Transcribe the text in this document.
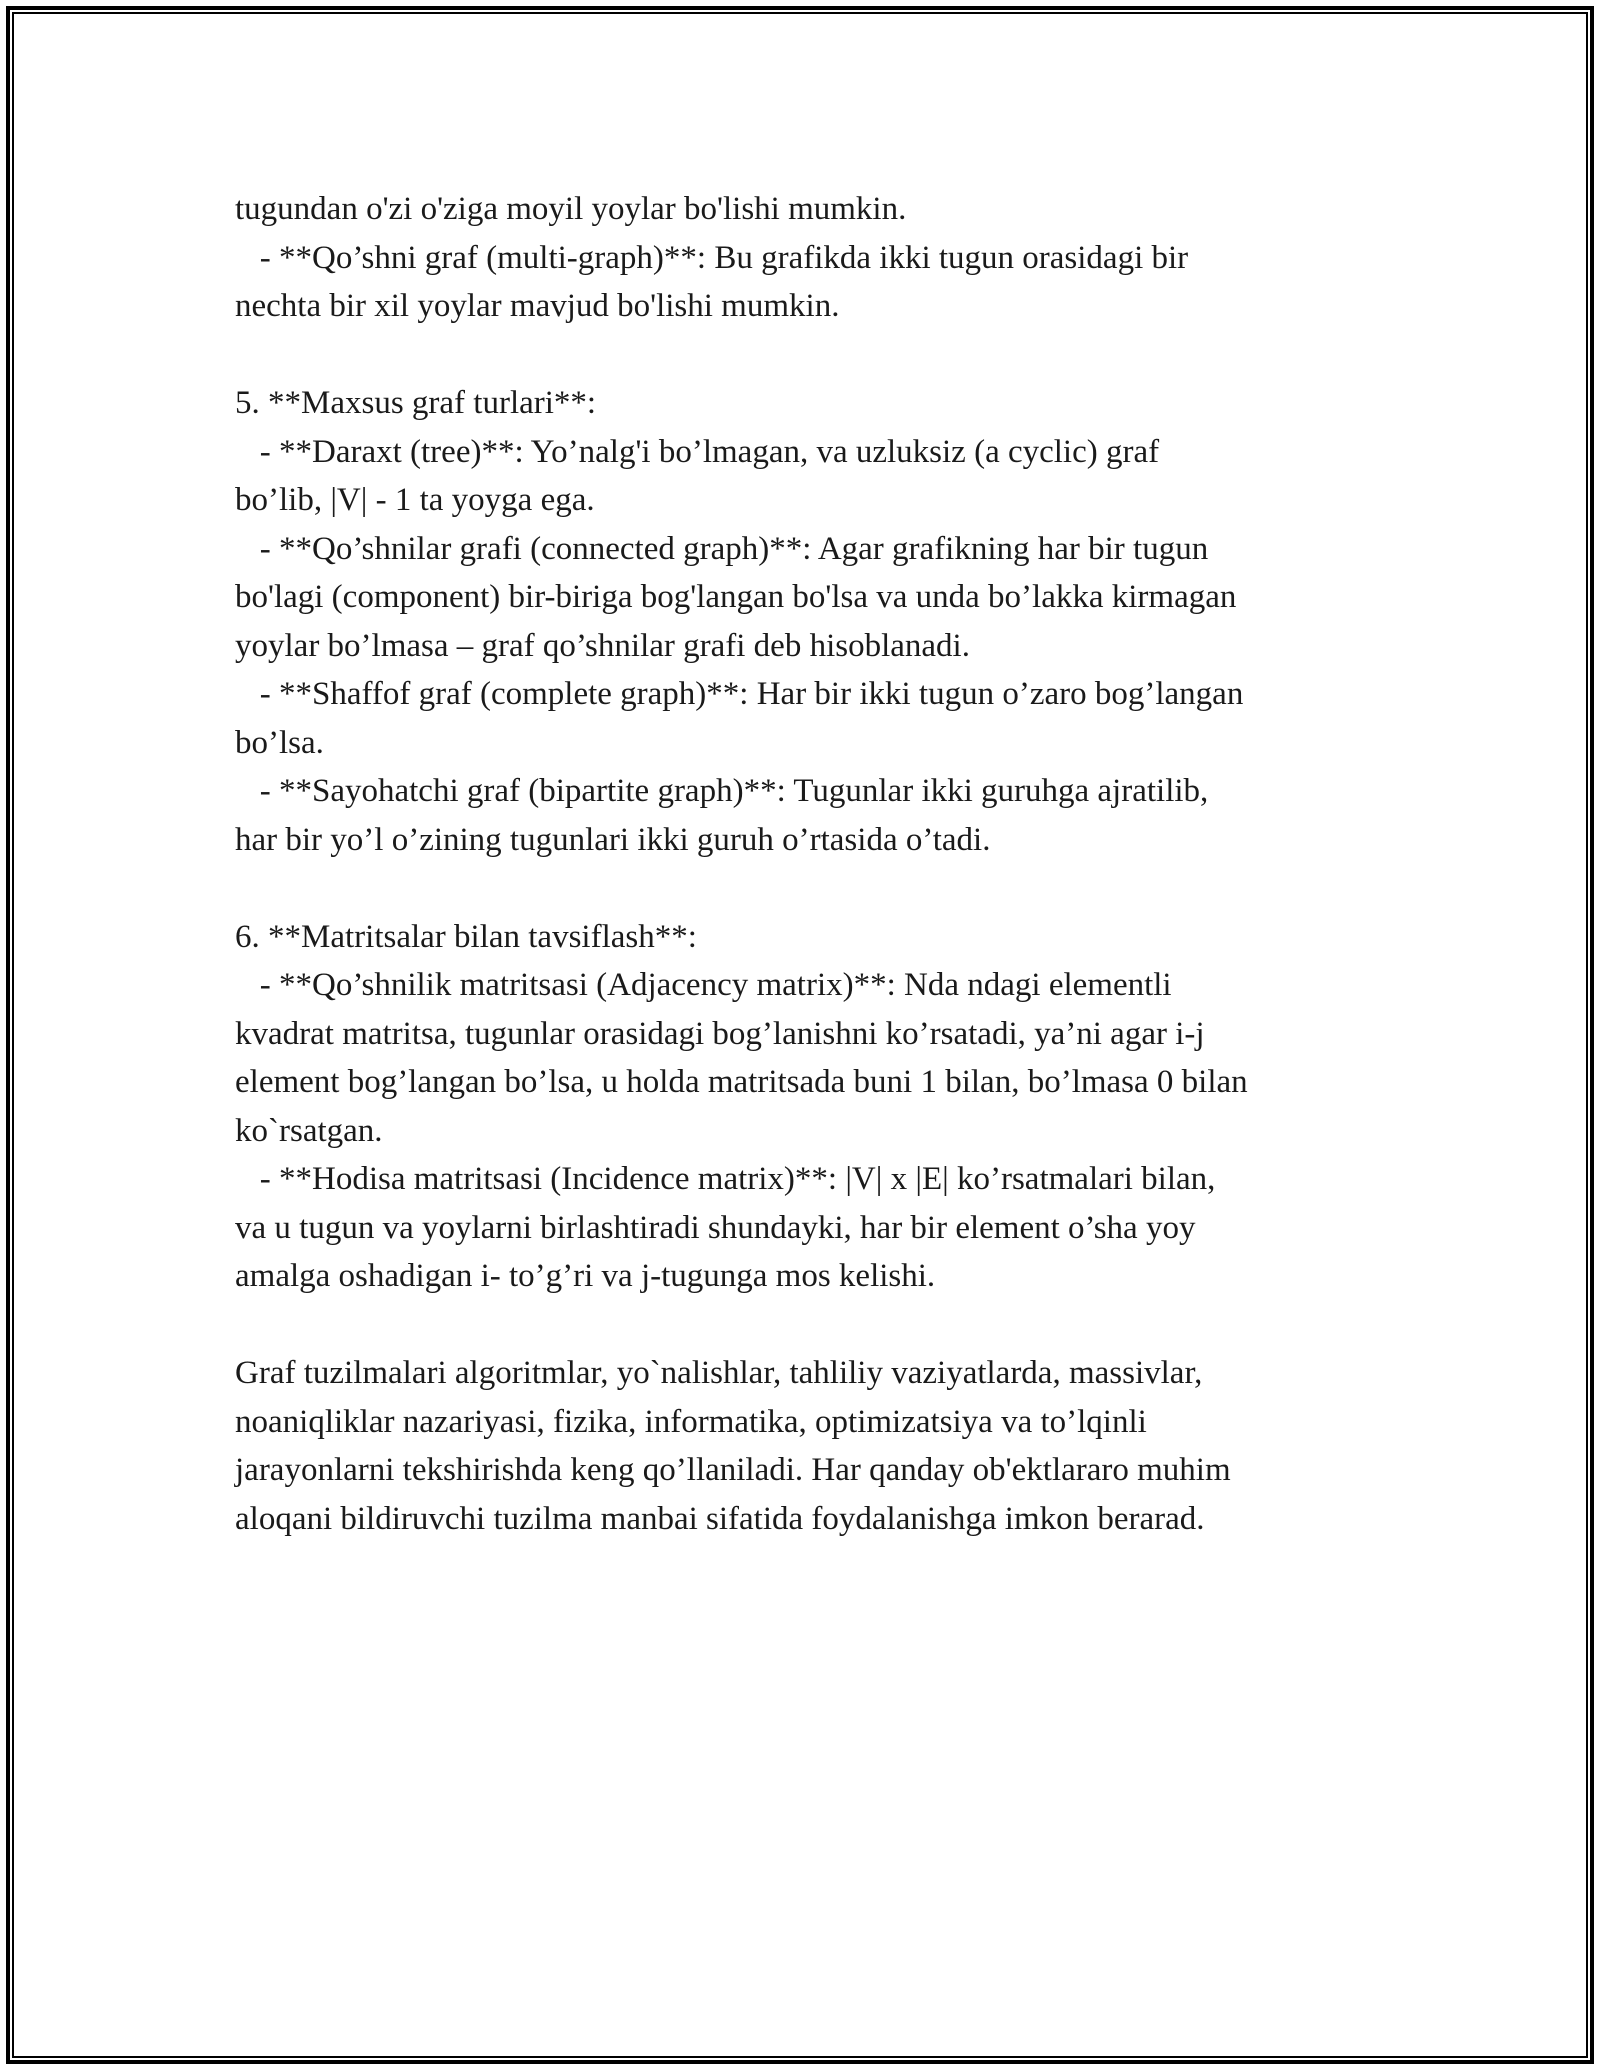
tugundan o'zi o'ziga moyil yoylar bo'lishi mumkin.
- **Qo’shni graf (multi-graph)**: Bu grafikda ikki tugun orasidagi bir
nechta bir xil yoylar mavjud bo'lishi mumkin.
5. **Maxsus graf turlari**:
- **Daraxt (tree)**: Yo’nalg'i bo’lmagan, va uzluksiz (a cyclic) graf
bo’lib, |V| - 1 ta yoyga ega.
- **Qo’shnilar grafi (connected graph)**: Agar grafikning har bir tugun
bo'lagi (component) bir-biriga bog'langan bo'lsa va unda bo’lakka kirmagan
yoylar bo’lmasa – graf qo’shnilar grafi deb hisoblanadi.
- **Shaffof graf (complete graph)**: Har bir ikki tugun o’zaro bog’langan
bo’lsa.
- **Sayohatchi graf (bipartite graph)**: Tugunlar ikki guruhga ajratilib,
har bir yo’l o’zining tugunlari ikki guruh o’rtasida o’tadi.
6. **Matritsalar bilan tavsiflash**:
- **Qo’shnilik matritsasi (Adjacency matrix)**: Nda ndagi elementli
kvadrat matritsa, tugunlar orasidagi bog’lanishni ko’rsatadi, ya’ni agar i-j
element bog’langan bo’lsa, u holda matritsada buni 1 bilan, bo’lmasa 0 bilan
ko`rsatgan.
- **Hodisa matritsasi (Incidence matrix)**: |V| x |E| ko’rsatmalari bilan,
va u tugun va yoylarni birlashtiradi shundayki, har bir element o’sha yoy
amalga oshadigan i- to’g’ri va j-tugunga mos kelishi.
Graf tuzilmalari algoritmlar, yo`nalishlar, tahliliy vaziyatlarda, massivlar,
noaniqliklar nazariyasi, fizika, informatika, optimizatsiya va to’lqinli
jarayonlarni tekshirishda keng qo’llaniladi. Har qanday ob'ektlararo muhim
aloqani bildiruvchi tuzilma manbai sifatida foydalanishga imkon berarad.
